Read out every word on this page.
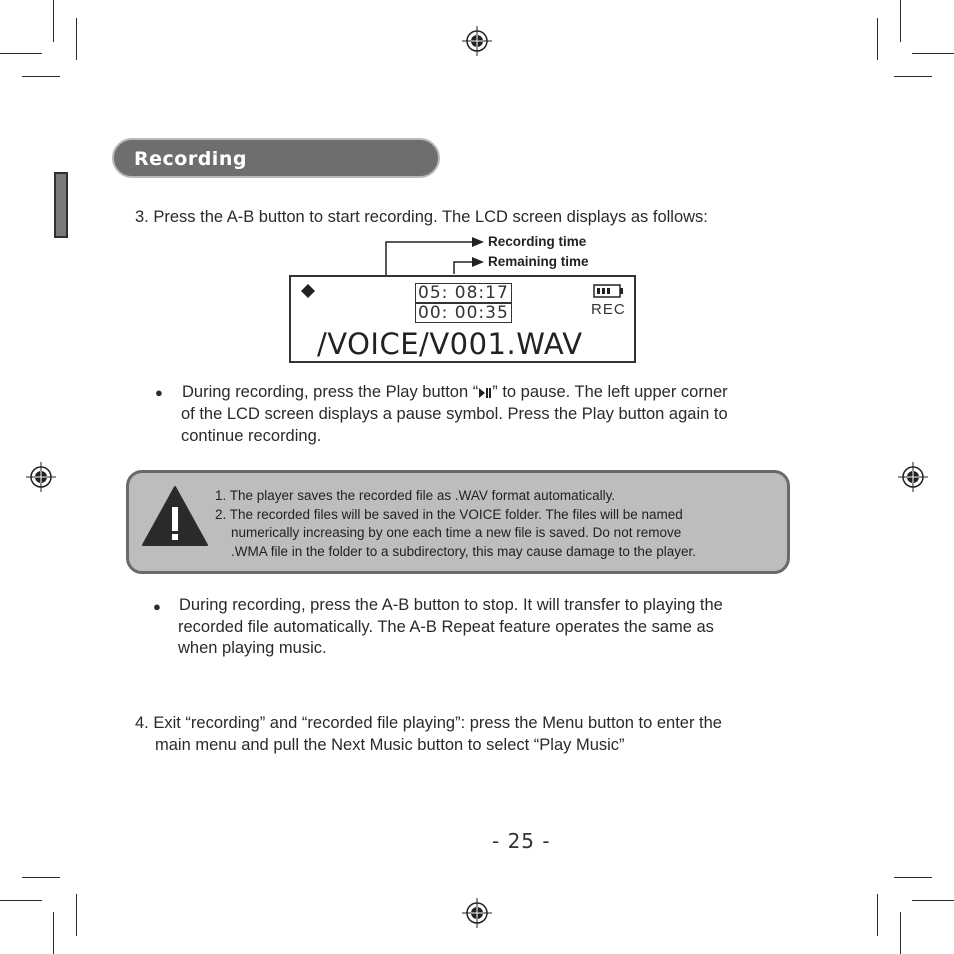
Recording
3. Press the A-B button to start recording. The LCD screen displays as follows:
Recording time
Remaining time
05: 08:17
00: 00:35	REC
/VOICE/V001.WAV
● During recording, press the Play button “ ” to pause. The left upper corner
of the LCD screen displays a pause symbol. Press the Play button again to
continue recording.
1. The player saves the recorded file as .WAV format automatically.
2. The recorded files will be saved in the VOICE folder. The files will be named
numerically increasing by one each time a new file is saved. Do not remove
.WMA file in the folder to a subdirectory, this may cause damage to the player.
● During recording, press the A-B button to stop. It will transfer to playing the
recorded file automatically. The A-B Repeat feature operates the same as
when playing music.
4. Exit “recording” and “recorded file playing”: press the Menu button to enter the
main menu and pull the Next Music button to select “Play Music”
- 25 -
